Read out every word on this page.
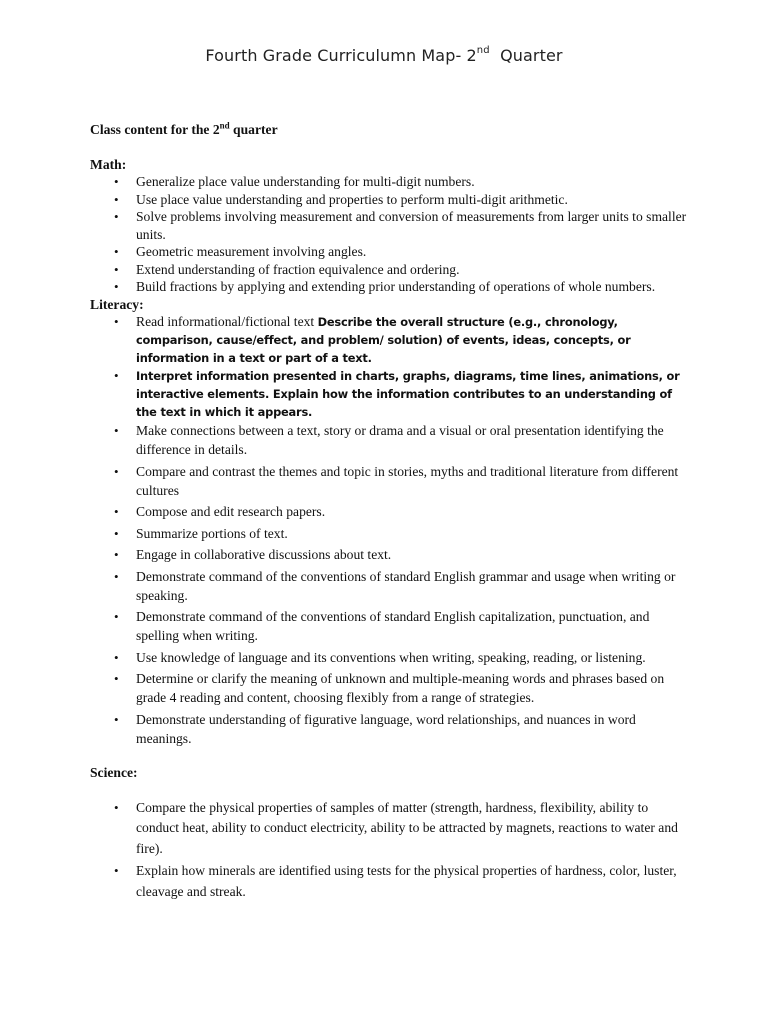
Fourth Grade Curriculumn Map- 2nd Quarter

Class content for the 2nd quarter

Math:

• Generalize place value understanding for multi-digit numbers.
• Use place value understanding and properties to perform multi-digit arithmetic.
• Solve problems involving measurement and conversion of measurements from larger units to smaller units.
• Geometric measurement involving angles.
• Extend understanding of fraction equivalence and ordering.
• Build fractions by applying and extending prior understanding of operations of whole numbers.

Literacy:

• Read informational/fictional text Describe the overall structure (e.g., chronology, comparison, cause/effect, and problem/ solution) of events, ideas, concepts, or information in a text or part of a text.
• Interpret information presented in charts, graphs, diagrams, time lines, animations, or interactive elements. Explain how the information contributes to an understanding of the text in which it appears.
• Make connections between a text, story or drama and a visual or oral presentation identifying the difference in details.
• Compare and contrast the themes and topic in stories, myths and traditional literature from different cultures
• Compose and edit research papers.
• Summarize portions of text.
• Engage in collaborative discussions about text.
• Demonstrate command of the conventions of standard English grammar and usage when writing or speaking.
• Demonstrate command of the conventions of standard English capitalization, punctuation, and spelling when writing.
• Use knowledge of language and its conventions when writing, speaking, reading, or listening.
• Determine or clarify the meaning of unknown and multiple-meaning words and phrases based on grade 4 reading and content, choosing flexibly from a range of strategies.
• Demonstrate understanding of figurative language, word relationships, and nuances in word meanings.

Science:

• Compare the physical properties of samples of matter (strength, hardness, flexibility, ability to conduct heat, ability to conduct electricity, ability to be attracted by magnets, reactions to water and fire).
• Explain how minerals are identified using tests for the physical properties of hardness, color, luster, cleavage and streak.
